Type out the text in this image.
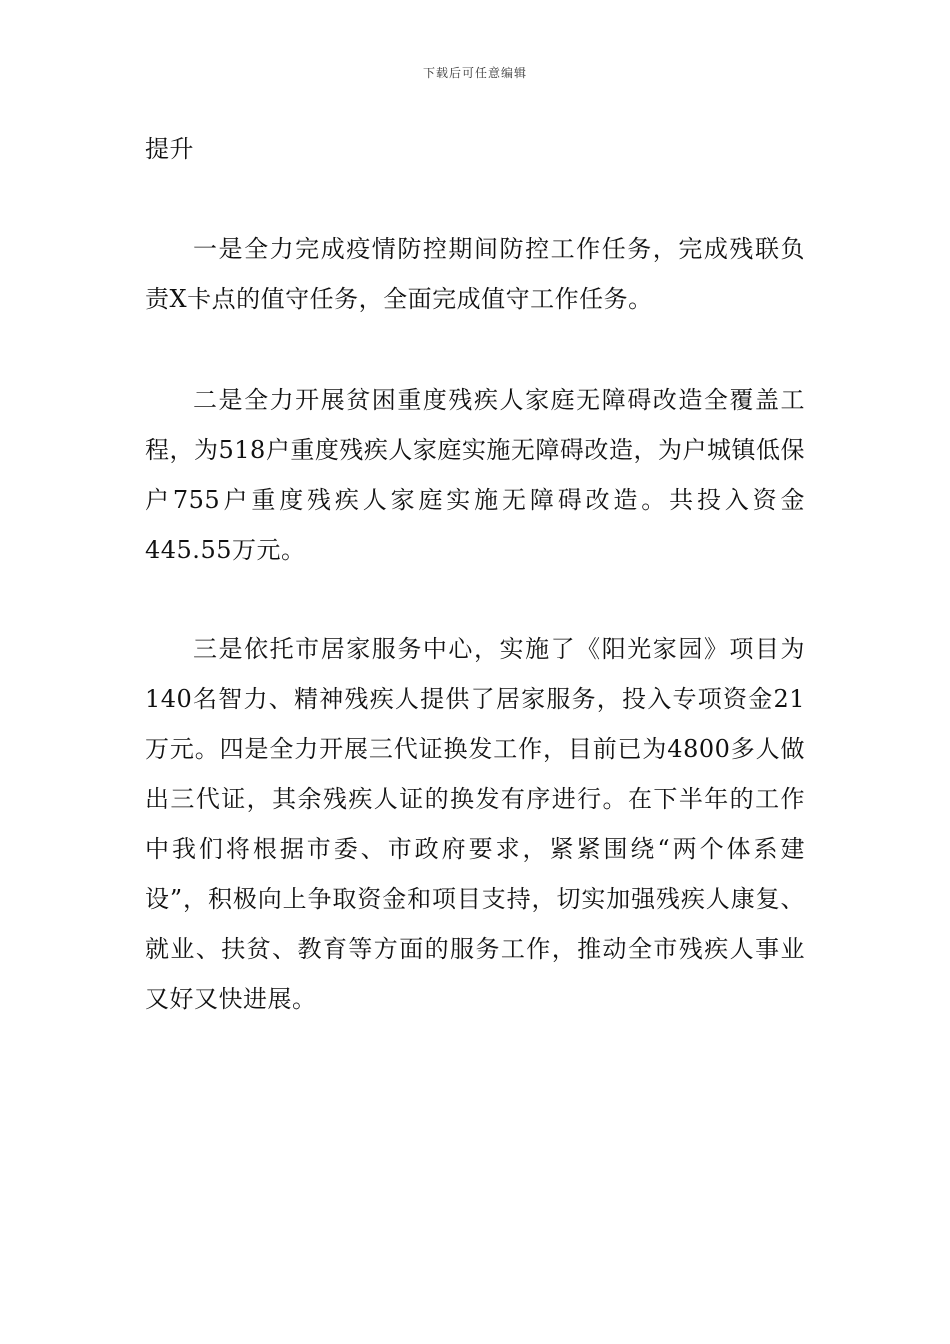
下载后可任意编辑

提升

一是全力完成疫情防控期间防控工作任务，完成残联负责X卡点的值守任务，全面完成值守工作任务。

二是全力开展贫困重度残疾人家庭无障碍改造全覆盖工程，为518户重度残疾人家庭实施无障碍改造，为户城镇低保户755户重度残疾人家庭实施无障碍改造。共投入资金445.55万元。

三是依托市居家服务中心，实施了《阳光家园》项目为140名智力、精神残疾人提供了居家服务，投入专项资金21万元。四是全力开展三代证换发工作，目前已为4800多人做出三代证，其余残疾人证的换发有序进行。在下半年的工作中我们将根据市委、市政府要求，紧紧围绕“两个体系建设”，积极向上争取资金和项目支持，切实加强残疾人康复、就业、扶贫、教育等方面的服务工作，推动全市残疾人事业又好又快进展。
